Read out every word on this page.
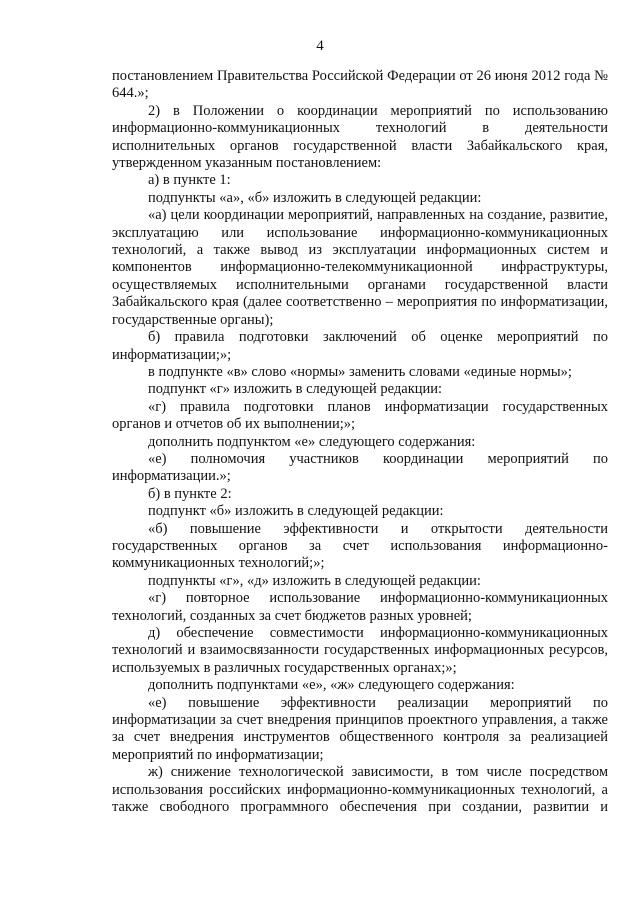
4

постановлением Правительства Российской Федерации от 26 июня 2012 года № 644.»;

2) в Положении о координации мероприятий по использованию информационно-коммуникационных технологий в деятельности исполнительных органов государственной власти Забайкальского края, утвержденном указанным постановлением:

а) в пункте 1:

подпункты «а», «б» изложить в следующей редакции:

«а) цели координации мероприятий, направленных на создание, развитие, эксплуатацию или использование информационно-коммуникационных технологий, а также вывод из эксплуатации информационных систем и компонентов информационно-телекоммуникационной инфраструктуры, осуществляемых исполнительными органами государственной власти Забайкальского края (далее соответственно – мероприятия по информатизации, государственные органы);

б) правила подготовки заключений об оценке мероприятий по информатизации;»;

в подпункте «в» слово «нормы» заменить словами «единые нормы»;

подпункт «г» изложить в следующей редакции:

«г) правила подготовки планов информатизации государственных органов и отчетов об их выполнении;»;

дополнить подпунктом «е» следующего содержания:

«е) полномочия участников координации мероприятий по информатизации.»;

б) в пункте 2:

подпункт «б» изложить в следующей редакции:

«б) повышение эффективности и открытости деятельности государственных органов за счет использования информационно-коммуникационных технологий;»;

подпункты «г», «д» изложить в следующей редакции:

«г) повторное использование информационно-коммуникационных технологий, созданных за счет бюджетов разных уровней;

д) обеспечение совместимости информационно-коммуникационных технологий и взаимосвязанности государственных информационных ресурсов, используемых в различных государственных органах;»;

дополнить подпунктами «е», «ж» следующего содержания:

«е) повышение эффективности реализации мероприятий по информатизации за счет внедрения принципов проектного управления, а также за счет внедрения инструментов общественного контроля за реализацией мероприятий по информатизации;

ж) снижение технологической зависимости, в том числе посредством использования российских информационно-коммуникационных технологий, а также свободного программного обеспечения при создании, развитии и
